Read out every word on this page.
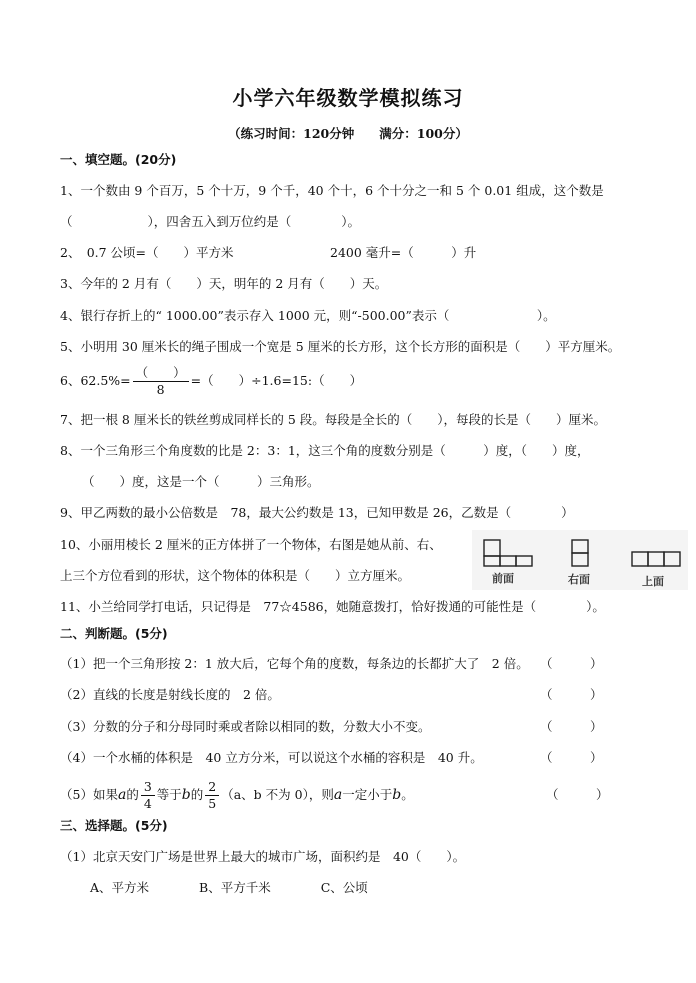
小学六年级数学模拟练习
（练习时间：120分钟　　满分：100分）
一、填空题。(20分)
1、一个数由 9 个百万，5 个十万，9 个千，40 个十，6 个十分之一和 5 个 0.01 组成，这个数是
（　　　　　　），四舍五入到万位约是（　　　　）。
2、　0.7 公顷=（　　）平方米	2400 毫升=（　　　）升
3、今年的 2 月有（　　）天，明年的 2 月有（　　）天。
4、银行存折上的“ 1000.00”表示存入 1000 元，则“-500.00”表示（　　　　　　　）。
5、小明用 30 厘米长的绳子围成一个宽是 5 厘米的长方形，这个长方形的面积是（　　）平方厘米。
6、$62.5\%= \frac{( )}{8}$ =（　　）÷1.6=15:（　　）
7、把一根 8 厘米长的铁丝剪成同样长的 5 段。每段是全长的（　　），每段的长是（　　）厘米。
8、一个三角形三个角度数的比是 2：3：1，这三个角的度数分别是（　　　）度，（　　）度，
（　　）度，这是一个（　　　）三角形。
9、甲乙两数的最小公倍数是　78，最大公约数是 13，已知甲数是 26，乙数是（　　　　）
10、小丽用棱长 2 厘米的正方体拼了一个物体，右图是她从前、右、
上三个方位看到的形状，这个物体的体积是（　　）立方厘米。	前面	右面	上面
11、小兰给同学打电话，只记得是　77☆4586，她随意拨打，恰好拨通的可能性是（　　　　）。
二、判断题。(5分)
（1）把一个三角形按 2：1 放大后，它每个角的度数，每条边的长都扩大了　2 倍。 （　　　）
（2）直线的长度是射线长度的　2 倍。	（　　　）
（3）分数的分子和分母同时乘或者除以相同的数，分数大小不变。	（　　　）
（4）一个水桶的体积是　40 立方分米，可以说这个水桶的容积是　40 升。	（　　　）
（5）如果a的 $\frac{3}{4}$ 等于b的 $\frac{2}{5} (a$、b 不为 0），则a一定小于b。	（　　　）
三、选择题。(5分)
（1）北京天安门广场是世界上最大的城市广场，面积约是　40（　　）。
A、平方米　　　　B、平方千米　　　　C、公顷
